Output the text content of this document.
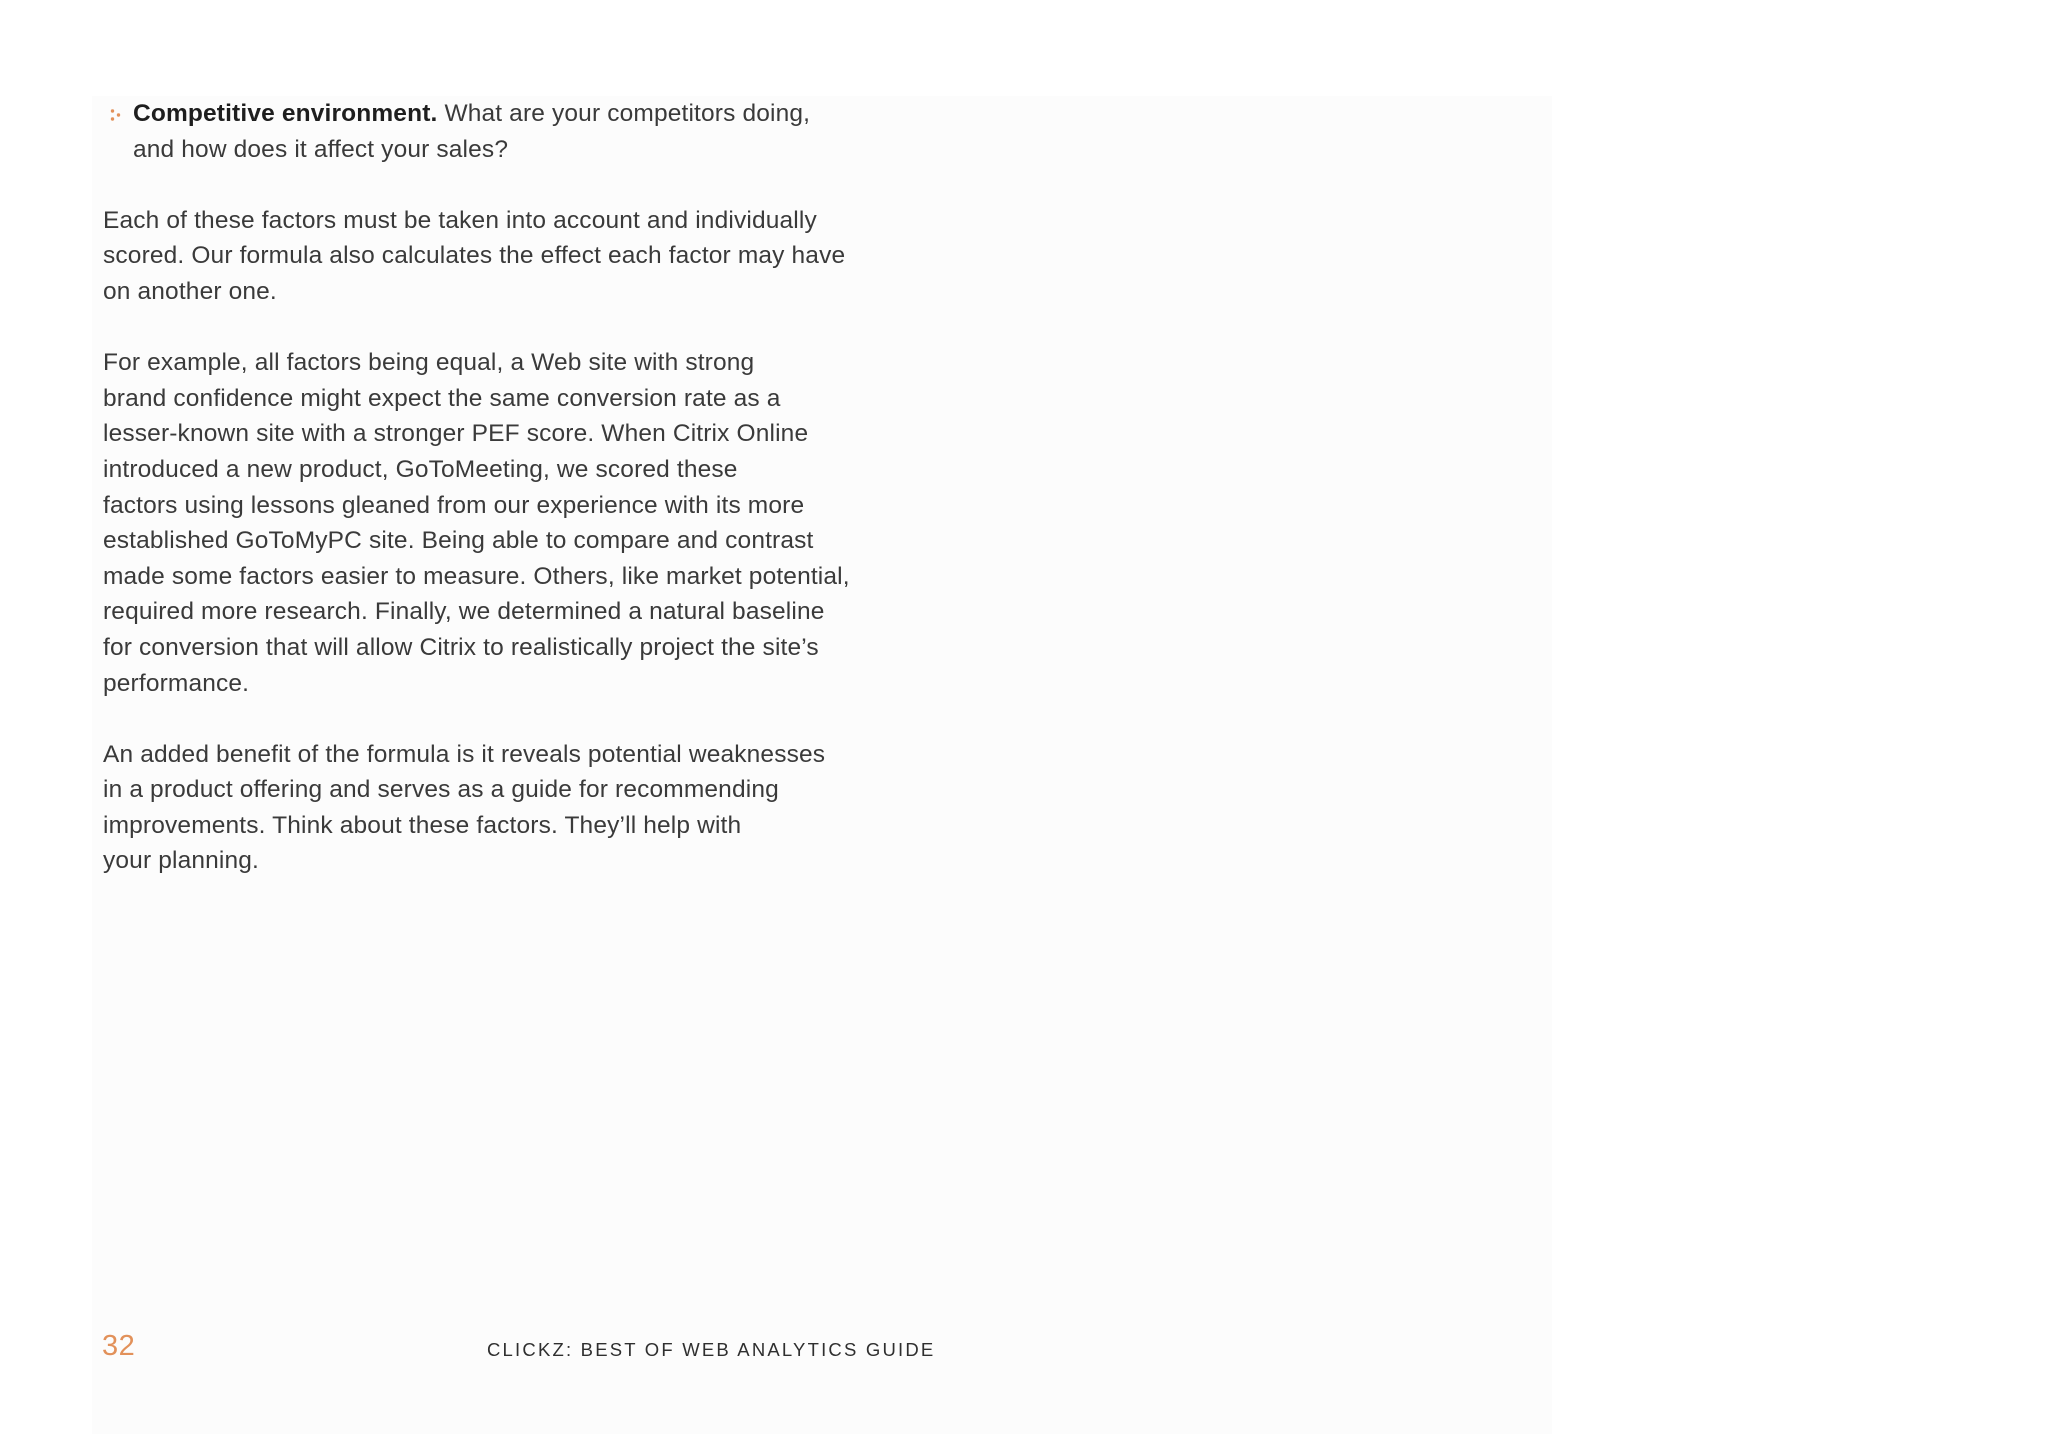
Competitive environment. What are your competitors doing,
and how does it affect your sales?

Each of these factors must be taken into account and individually
scored. Our formula also calculates the effect each factor may have
on another one.

For example, all factors being equal, a Web site with strong
brand confidence might expect the same conversion rate as a
lesser-known site with a stronger PEF score. When Citrix Online
introduced a new product, GoToMeeting, we scored these
factors using lessons gleaned from our experience with its more
established GoToMyPC site. Being able to compare and contrast
made some factors easier to measure. Others, like market potential,
required more research. Finally, we determined a natural baseline
for conversion that will allow Citrix to realistically project the site’s
performance.

An added benefit of the formula is it reveals potential weaknesses
in a product offering and serves as a guide for recommending
improvements. Think about these factors. They’ll help with
your planning.

32	CLICKZ: BEST OF WEB ANALYTICS GUIDE
